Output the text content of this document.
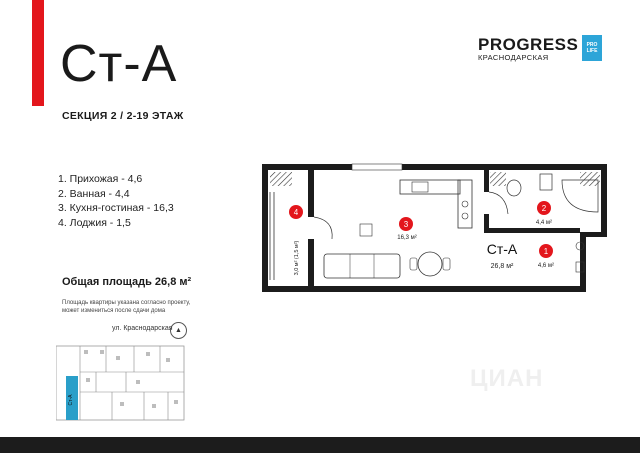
Ст-А
СЕКЦИЯ 2 / 2-19 ЭТАЖ
PROGRESS
КРАСНОДАРСКАЯ
PRO
LIFE
1. Прихожая - 4,6
2. Ванная - 4,4
3. Кухня-гостиная - 16,3
4. Лоджия - 1,5
Общая площадь 26,8 м²
Площадь квартиры указана согласно проекту, может измениться после сдачи дома
ул. Краснодарская ▲
Ст-А
4
3,0 м² (1,5 м²)
3
16,3 м²
2
4,4 м²
1
4,6 м²
Ст-А
26,8 м²
ЦИАН
